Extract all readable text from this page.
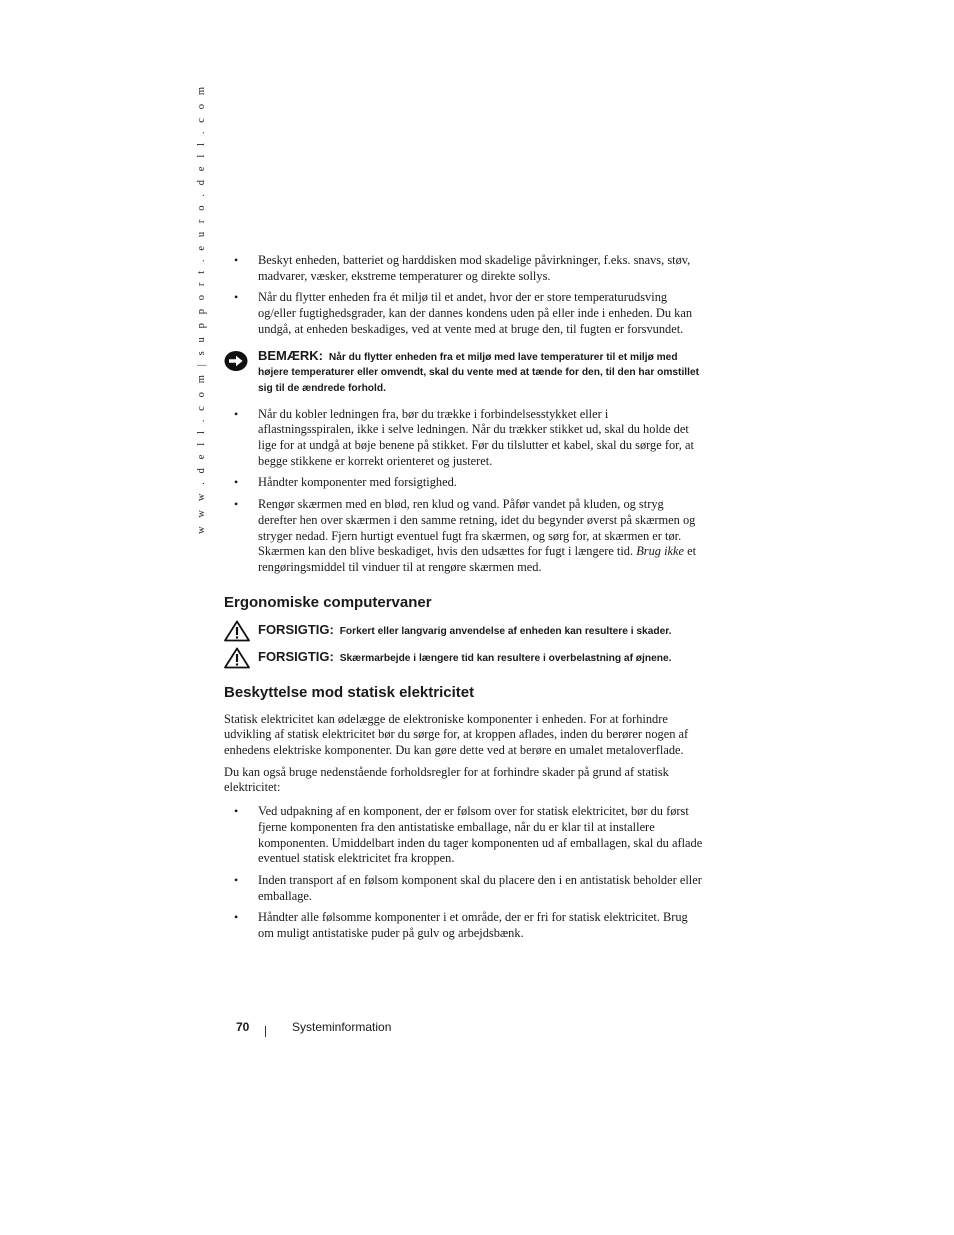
w w w . d e l l . c o m | s u p p o r t . e u r o . d e l l . c o m
•	Beskyt enheden, batteriet og harddisken mod skadelige påvirkninger, f.eks. snavs, støv, madvarer, væsker, ekstreme temperaturer og direkte sollys.
• Når du flytter enheden fra ét miljø til et andet, hvor der er store temperaturudsving og/eller fugtighedsgrader, kan der dannes kondens uden på eller inde i enheden. Du kan undgå, at enheden beskadiges, ved at vente med at bruge den, til fugten er forsvundet.
BEMÆRK: Når du flytter enheden fra et miljø med lave temperaturer til et miljø med højere temperaturer eller omvendt, skal du vente med at tænde for den, til den har omstillet sig til de ændrede forhold.
• Når du kobler ledningen fra, bør du trække i forbindelsesstykket eller i aflastningsspiralen, ikke i selve ledningen. Når du trækker stikket ud, skal du holde det lige for at undgå at bøje benene på stikket. Før du tilslutter et kabel, skal du sørge for, at begge stikkene er korrekt orienteret og justeret.
• Håndter komponenter med forsigtighed.
• Rengør skærmen med en blød, ren klud og vand. Påfør vandet på kluden, og stryg derefter hen over skærmen i den samme retning, idet du begynder øverst på skærmen og stryger nedad. Fjern hurtigt eventuel fugt fra skærmen, og sørg for, at skærmen er tør. Skærmen kan den blive beskadiget, hvis den udsættes for fugt i længere tid. Brug ikke et rengøringsmiddel til vinduer til at rengøre skærmen med.
Ergonomiske computervaner
FORSIGTIG: Forkert eller langvarig anvendelse af enheden kan resultere i skader.
FORSIGTIG: Skærmarbejde i længere tid kan resultere i overbelastning af øjnene.
Beskyttelse mod statisk elektricitet

Statisk elektricitet kan ødelægge de elektroniske komponenter i enheden. For at forhindre udvikling af statisk elektricitet bør du sørge for, at kroppen aflades, inden du berører nogen af enhedens elektriske komponenter. Du kan gøre dette ved at berøre en umalet metaloverflade.

Du kan også bruge nedenstående forholdsregler for at forhindre skader på grund af statisk elektricitet:

• Ved udpakning af en komponent, der er følsom over for statisk elektricitet, bør du først fjerne komponenten fra den antistatiske emballage, når du er klar til at installere komponenten. Umiddelbart inden du tager komponenten ud af emballagen, skal du aflade eventuel statisk elektricitet fra kroppen.
• Inden transport af en følsom komponent skal du placere den i en antistatisk beholder eller emballage.
• Håndter alle følsomme komponenter i et område, der er fri for statisk elektricitet. Brug om muligt antistatiske puder på gulv og arbejdsbænk.
70	Systeminformation
